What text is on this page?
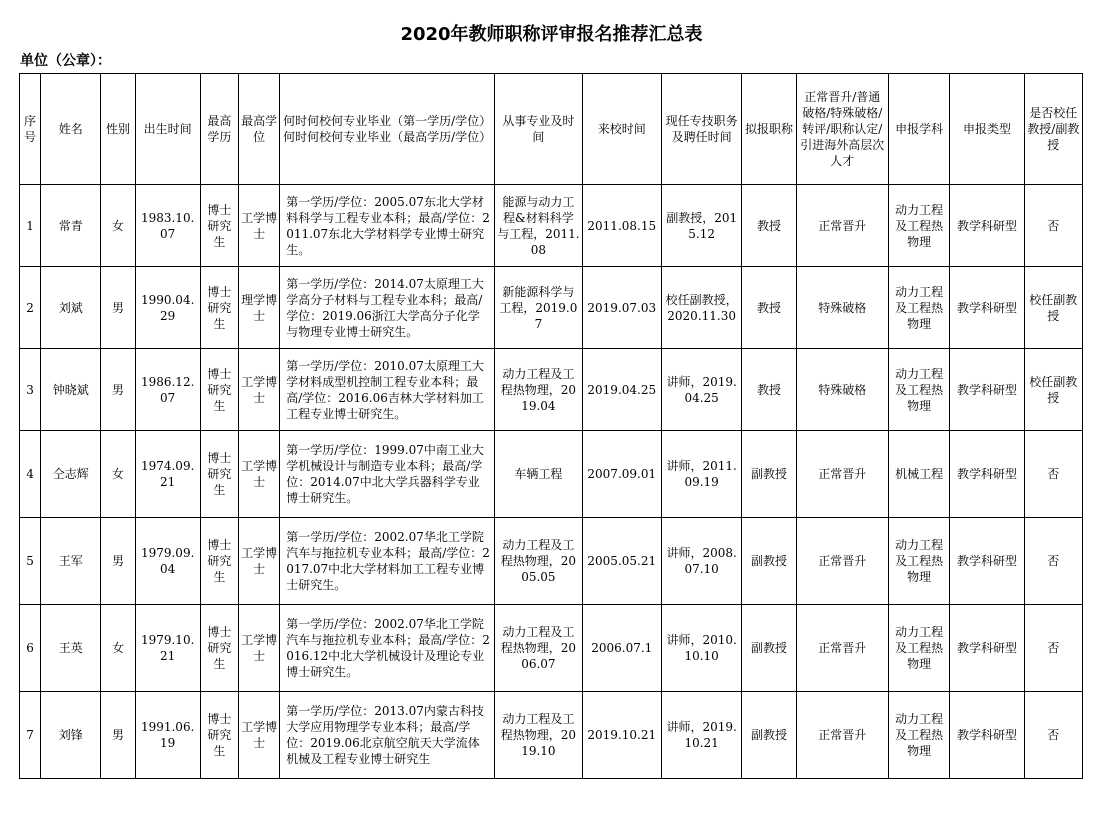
2020年教师职称评审报名推荐汇总表
单位（公章）：
序号	姓名	性别	出生时间	最高学历	最高学位	何时何校何专业毕业（第一学历/学位）何时何校何专业毕业（最高学历/学位）	从事专业及时间	来校时间	现任专技职务及聘任时间	拟报职称	正常晋升/普通破格/特殊破格/转评/职称认定/引进海外高层次人才	申报学科	申报类型	是否校任教授/副教授
1	常青	女	1983.10.07	博士研究生	工学博士	第一学历/学位：2005.07东北大学材料科学与工程专业本科；最高/学位：2011.07东北大学材料学专业博士研究生。	能源与动力工程&材料科学与工程，2011.08	2011.08.15	副教授，2015.12	教授	正常晋升	动力工程及工程热物理	教学科研型	否
2	刘斌	男	1990.04.29	博士研究生	理学博士	第一学历/学位：2014.07太原理工大学高分子材料与工程专业本科；最高/学位：2019.06浙江大学高分子化学与物理专业博士研究生。	新能源科学与工程，2019.07	2019.07.03	校任副教授，2020.11.30	教授	特殊破格	动力工程及工程热物理	教学科研型	校任副教授
3	钟晓斌	男	1986.12.07	博士研究生	工学博士	第一学历/学位：2010.07太原理工大学材料成型机控制工程专业本科；最高/学位：2016.06吉林大学材料加工工程专业博士研究生。	动力工程及工程热物理，2019.04	2019.04.25	讲师，2019.04.25	教授	特殊破格	动力工程及工程热物理	教学科研型	校任副教授
4	仝志辉	女	1974.09.21	博士研究生	工学博士	第一学历/学位：1999.07中南工业大学机械设计与制造专业本科；最高/学位：2014.07中北大学兵器科学专业博士研究生。	车辆工程	2007.09.01	讲师，2011.09.19	副教授	正常晋升	机械工程	教学科研型	否
5	王军	男	1979.09.04	博士研究生	工学博士	第一学历/学位：2002.07华北工学院汽车与拖拉机专业本科；最高/学位：2017.07中北大学材料加工工程专业博士研究生。	动力工程及工程热物理，2005.05	2005.05.21	讲师，2008.07.10	副教授	正常晋升	动力工程及工程热物理	教学科研型	否
6	王英	女	1979.10.21	博士研究生	工学博士	第一学历/学位：2002.07华北工学院汽车与拖拉机专业本科；最高/学位：2016.12中北大学机械设计及理论专业博士研究生。	动力工程及工程热物理，2006.07	2006.07.1	讲师，2010.10.10	副教授	正常晋升	动力工程及工程热物理	教学科研型	否
7	刘锋	男	1991.06.19	博士研究生	工学博士	第一学历/学位：2013.07内蒙古科技大学应用物理学专业本科；最高/学位：2019.06北京航空航天大学流体机械及工程专业博士研究生	动力工程及工程热物理，2019.10	2019.10.21	讲师，2019.10.21	副教授	正常晋升	动力工程及工程热物理	教学科研型	否
